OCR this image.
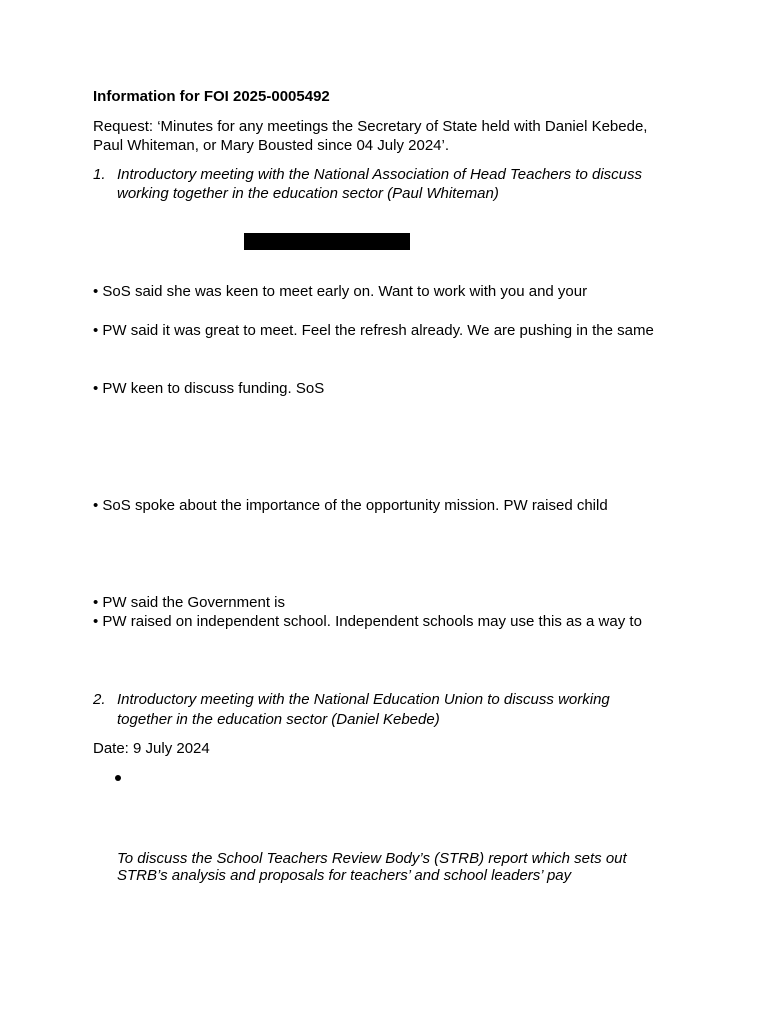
Information for FOI 2025-0005492
Request: ‘Minutes for any meetings the Secretary of State held with Daniel Kebede,
Paul Whiteman, or Mary Bousted since 04 July 2024’.
1. Introductory meeting with the National Association of Head Teachers to discuss
working together in the education sector (Paul Whiteman)
• SoS said she was keen to meet early on. Want to work with you and your
• PW said it was great to meet. Feel the refresh already. We are pushing in the same
• PW keen to discuss funding. SoS
• SoS spoke about the importance of the opportunity mission. PW raised child
• PW said the Government is
• PW raised on independent school. Independent schools may use this as a way to
2. Introductory meeting with the National Education Union to discuss working
together in the education sector (Daniel Kebede)
Date: 9 July 2024
To discuss the School Teachers Review Body’s (STRB) report which sets out
STRB’s analysis and proposals for teachers’ and school leaders’ pay
